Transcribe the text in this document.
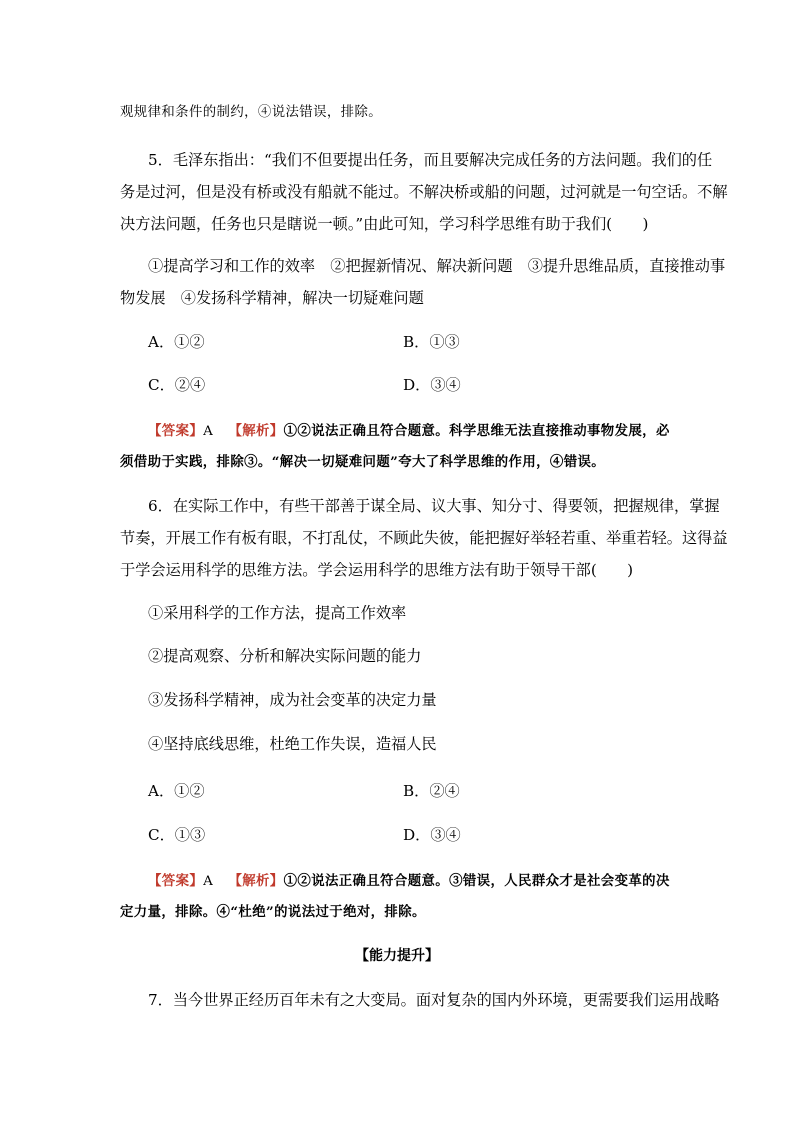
观规律和条件的制约，④说法错误，排除。
5．毛泽东指出：“我们不但要提出任务，而且要解决完成任务的方法问题。我们的任
务是过河，但是没有桥或没有船就不能过。不解决桥或船的问题，过河就是一句空话。不解
决方法问题，任务也只是瞎说一顿。”由此可知，学习科学思维有助于我们(　　)
①提高学习和工作的效率　②把握新情况、解决新问题　③提升思维品质，直接推动事
物发展　④发扬科学精神，解决一切疑难问题
A．①②	B．①③
C．②④	D．③④
【答案】A 【解析】①②说法正确且符合题意。科学思维无法直接推动事物发展，必
须借助于实践，排除③。“解决一切疑难问题”夸大了科学思维的作用，④错误。
6．在实际工作中，有些干部善于谋全局、议大事、知分寸、得要领，把握规律，掌握
节奏，开展工作有板有眼，不打乱仗，不顾此失彼，能把握好举轻若重、举重若轻。这得益
于学会运用科学的思维方法。学会运用科学的思维方法有助于领导干部(　　)
①采用科学的工作方法，提高工作效率
②提高观察、分析和解决实际问题的能力
③发扬科学精神，成为社会变革的决定力量
④坚持底线思维，杜绝工作失误，造福人民
A．①②	B．②④
C．①③	D．③④
【答案】A 【解析】①②说法正确且符合题意。③错误，人民群众才是社会变革的决
定力量，排除。④“杜绝”的说法过于绝对，排除。
【能力提升】
7．当今世界正经历百年未有之大变局。面对复杂的国内外环境，更需要我们运用战略
